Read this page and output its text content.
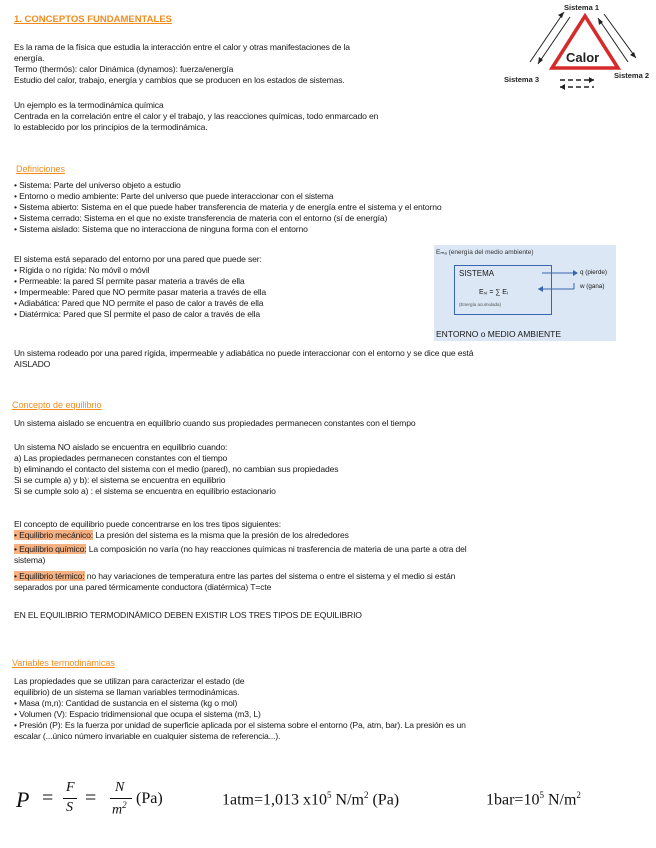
1. CONCEPTOS FUNDAMENTALES
Es la rama de la física que estudia la interacción entre el calor y otras manifestaciones de la
energía.
Termo (thermós): calor Dinámica (dynamos): fuerza/energía
Estudio del calor, trabajo, energía y cambios que se producen en los estados de sistemas.
Un ejemplo es la termodinámica química
Centrada en la correlación entre el calor y el trabajo, y las reacciones químicas, todo enmarcado en
lo establecido por los principios de la termodinámica.
Calor
Sistema 1
Sistema 2
Sistema 3
Definiciones
• Sistema: Parte del universo objeto a estudio
• Entorno o medio ambiente: Parte del universo que puede interaccionar con el sistema
• Sistema abierto: Sistema en el que puede haber transferencia de materia y de energía entre el sistema y el entorno
• Sistema cerrado: Sistema en el que no existe transferencia de materia con el entorno (sí de energía)
• Sistema aislado: Sistema que no interacciona de ninguna forma con el entorno
El sistema está separado del entorno por una pared que puede ser:
• Rígida o no rígida: No móvil o móvil
• Permeable: la pared SÍ permite pasar materia a través de ella
• Impermeable: Pared que NO permite pasar materia a través de ella
• Adiabática: Pared que NO permite el paso de calor a través de ella
• Diatérmica: Pared que SÍ permite el paso de calor a través de ella
Eₘₐ (energía del medio ambiente)
SISTEMA
Eₛᵢ = ∑ Eᵢ
(Energía acumulada)
q (pierde)
w (gana)
ENTORNO o MEDIO AMBIENTE
Un sistema rodeado por una pared rígida, impermeable y adiabática no puede interaccionar con el entorno y se dice que está
AISLADO
Concepto de equilibrio
Un sistema aislado se encuentra en equilibrio cuando sus propiedades permanecen constantes con el tiempo
Un sistema NO aislado se encuentra en equilibrio cuando:
a) Las propiedades permanecen constantes con el tiempo
b) eliminando el contacto del sistema con el medio (pared), no cambian sus propiedades
Si se cumple a) y b): el sistema se encuentra en equilibrio
Si se cumple solo a) : el sistema se encuentra en equilibrio estacionario
El concepto de equilibrio puede concentrarse en los tres tipos siguientes:
• Equilibrio mecánico: La presión del sistema es la misma que la presión de los alrededores
• Equilibrio químico: La composición no varía (no hay reacciones químicas ni trasferencia de materia de una parte a otra del
sistema)
• Equilibrio térmico: no hay variaciones de temperatura entre las partes del sistema o entre el sistema y el medio si están
separados por una pared térmicamente conductora (diatérmica) T=cte
EN EL EQUILIBRIO TERMODINÁMICO DEBEN EXISTIR LOS TRES TIPOS DE EQUILIBRIO
Variables termodinámicas
Las propiedades que se utilizan para caracterizar el estado (de
equilibrio) de un sistema se llaman variables termodinámicas.
• Masa (m,n): Cantidad de sustancia en el sistema (kg o mol)
• Volumen (V): Espacio tridimensional que ocupa el sistema (m3, L)
• Presión (P): Es la fuerza por unidad de superficie aplicada por el sistema sobre el entorno (Pa, atm, bar). La presión es un
escalar (...único número invariable en cualquier sistema de referencia...).
P = F
S = N
$m^2$ (Pa)	1atm=1,013 $x10^5$ $N/m^2$ (Pa)	$1bar=10^5$ $N/m^2$
